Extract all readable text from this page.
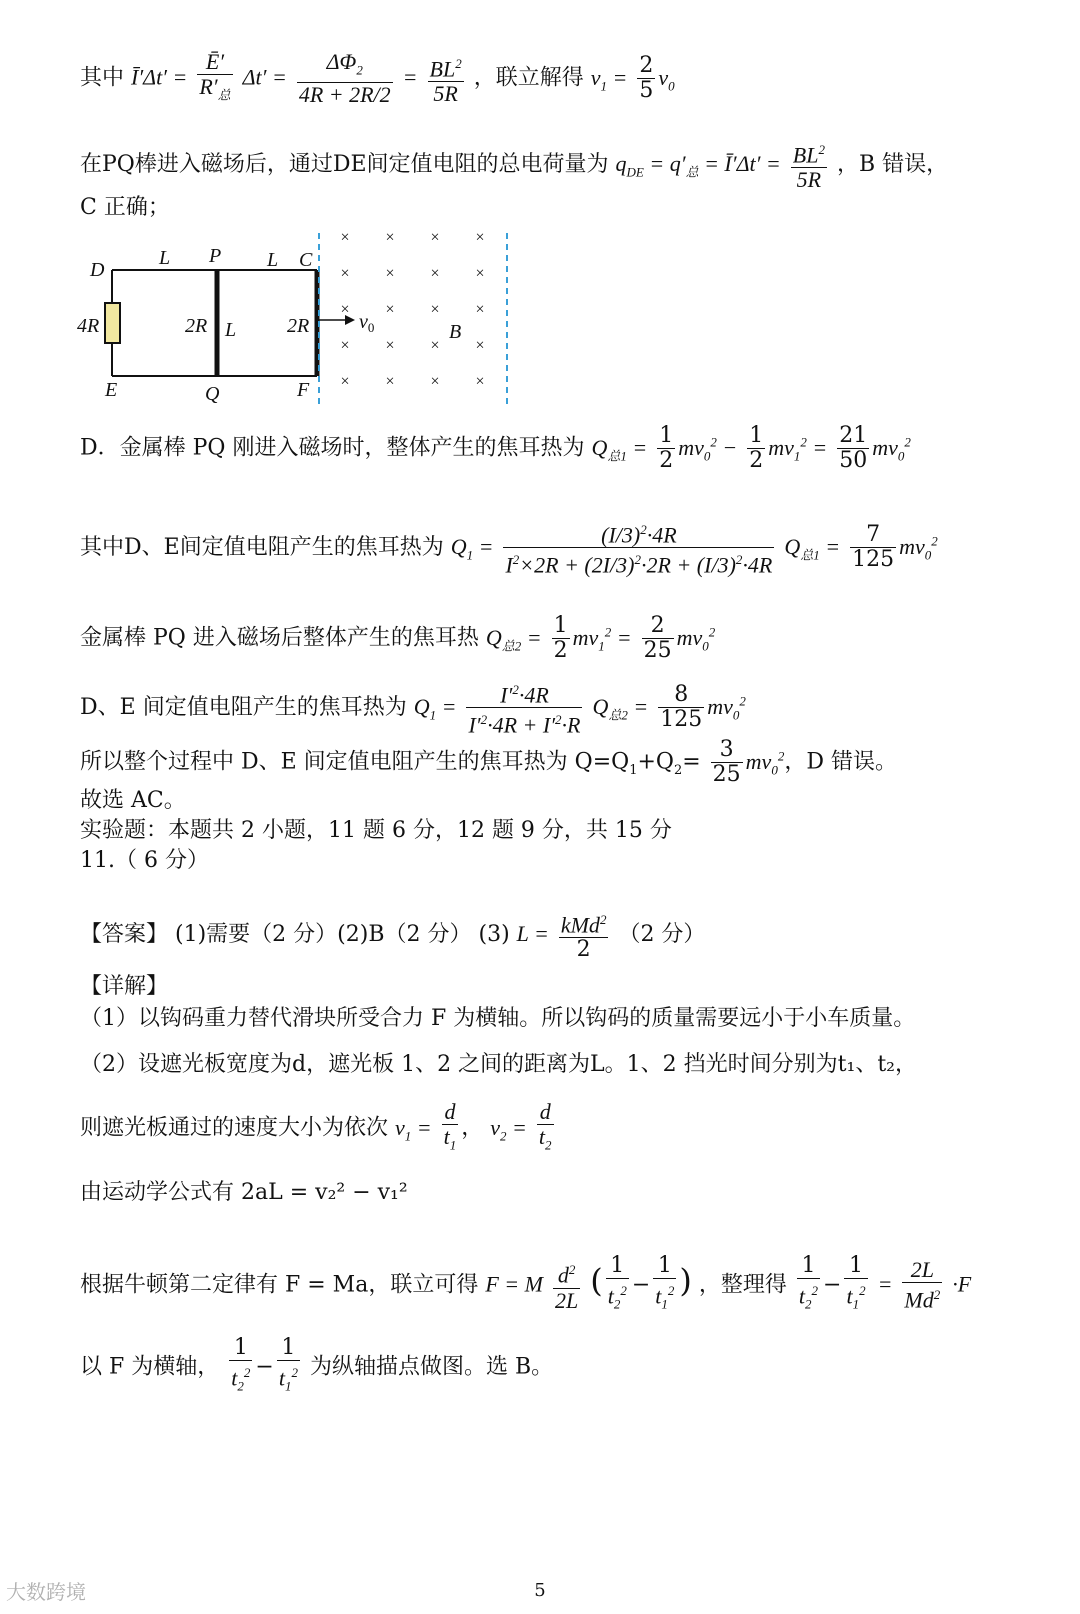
其中 Ī′Δt′ =
Ē′
$R'_总$
$\Delta t' = \frac{\Delta\Phi_2}{4R + 2R/2} = \frac{BL^2}{5R}$ ，联立解得 $v_1 = \frac{2}{5} v_0$
在PQ棒进入磁场后，通过DE间定值电阻的总电荷量为 $q_{DE} = q'_总$ = Ī′Δt′ = $\frac{BL^2}{5R}$ ，B 错误，
C 正确；
× × × ×
× × × ×
× × × ×
× × × ×
× × × ×
D
L P L C
4R	2R L	2R $v_0$	B
E	Q	F
D．金属棒 PQ 刚进入磁场时，整体产生的焦耳热为 $Q_{总1} = \frac{1}{2} mv_0^2 - \frac{1}{2} mv_1^2 = \frac{21}{50} mv_0^2$
其中D、E间定值电阻产生的焦耳热为 $Q_1 = \frac{(I/3)^2\cdot 4R}{I^2\times 2R + (2I/3)^2\cdot 2R + (I/3)^2\cdot 4R} Q_{总1} = \frac{7}{125} mv_0^2$
金属棒 PQ 进入磁场后整体产生的焦耳热 $Q_{总2} = \frac{1}{2} mv_1^2 = \frac{2}{25} mv_0^2$
D、E 间定值电阻产生的焦耳热为 $Q_1 = \frac{I'^2\cdot 4R}{I'^2\cdot 4R + I'^2\cdot R} Q_{总2} = \frac{8}{125} mv_0^2$
所以整个过程中 D、E 间定值电阻产生的焦耳热为 $Q=Q_1+Q_2= \frac{3}{25} mv_0^2$，D 错误。
故选 AC。
实验题：本题共 2 小题，11 题 6 分，12 题 9 分，共 15 分
11.（ 6 分）
【答案】 (1)需要（2 分）(2)B（2 分） (3) L = kMd$^2$
2
（2 分）
【详解】
（1）以钩码重力替代滑块所受合力 F 为横轴。所以钩码的质量需要远小于小车质量。
（2）设遮光板宽度为d，遮光板 1、2 之间的距离为L。1、2 挡光时间分别为t₁、t₂，
则遮光板通过的速度大小为依次 $v_1 = \frac{d}{t_1}$ ， $v_2 = \frac{d}{t_2}$
由运动学公式有 2aL = v₂² − v₁²
根据牛顿第二定律有 F = Ma，联立可得 F = M $\frac{d^2}{2L}$ ( $\frac{1}{t_2^2} - \frac{1}{t_1^2}$ ) ，整理得 $\frac{1}{t_2^2} - \frac{1}{t_1^2} = \frac{2L}{Md^2} \cdot F$
以 F 为横轴， $\frac{1}{t_2^2} - \frac{1}{t_1^2}$ 为纵轴描点做图。选 B。
大数跨境	5
